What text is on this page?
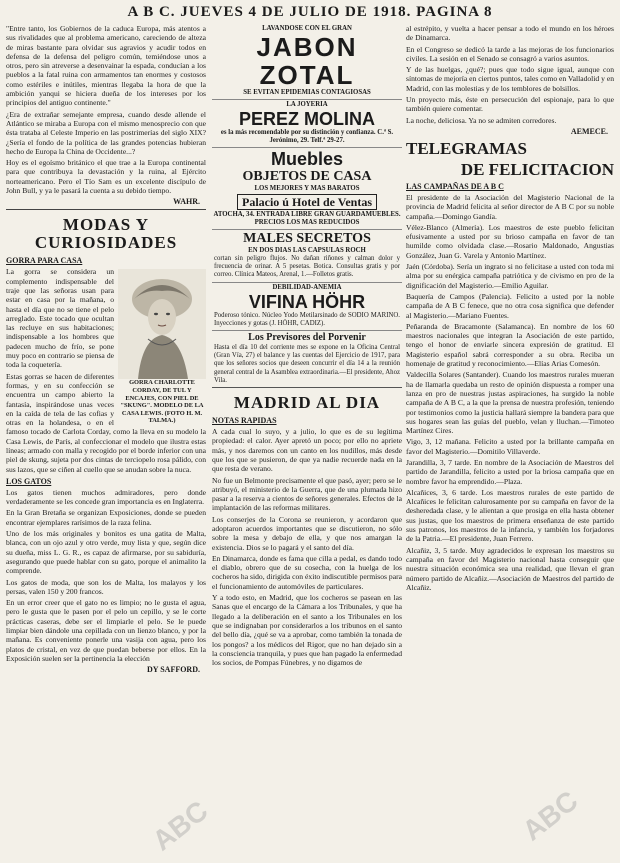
A B C. JUEVES 4 DE JULIO DE 1918. PAGINA 8

"Entre tanto, los Gobiernos de la caduca Europa, más atentos a sus rivalidades que al problema americano, careciendo de alteza de miras bastante para olvidar sus agravios y acudir todos en defensa de la defensa del peligro común, temiéndose unos a otros, pero sin atreverse a desenvainar la espada, conducían a los pueblos a la fatal ruina con armamentos tan enormes y costosos como estériles e inútiles, mientras llegaba la hora de que la ambición yanqui se hiciera dueña de los intereses por los principios del antiguo continente."

¿Era de extrañar semejante empresa, cuando desde allende el Atlántico se miraba a Europa con el mismo menosprecio con que ésta trataba al Celeste Imperio en las postrimerías del siglo XIX? ¿Sería el fondo de la política de las grandes potencias hubieran hecho de Europa la China de Occidente...?

Hoy es el egoísmo británico el que trae a la Europa continental para que contribuya la devastación y la ruina, al Ejército norteamericano. Pero el Tío Sam es un excelente discípulo de John Bull, y ya le pasará la cuenta a su debido tiempo.

WAHR.
MODAS Y CURIOSIDADES
GORRA PARA CASA
GORRA CHARLOTTE CORDAY, DE TUL Y ENCAJES, CON PIEL DE "SKUNG". MODELO DE LA CASA LEWIS. (FOTO H. M. TALMA.)

La gorra se considera un complemento indispensable del traje que las señoras usan para estar en casa por la mañana, o hasta el día que no se tiene el pelo arreglado. Este tocado que ocultan las recluye en sus habitaciones; indispensable a los hombres que padecen mucho de frío, se pone muy poco en contrario se piensa de toda la coquetería.

Estas gorras se hacen de diferentes formas, y en su confección se encuentra un campo abierto la fantasía, inspirándose unas veces en la caída de tela de las cofias y otras en la holandesa, o en el famoso tocado de Carlota Corday, como la lleva en su modelo la Casa Lewis, de París, al confeccionar el modelo que ilustra estas líneas; armado con malla y recogido por el borde inferior con una piel de skung, sujeta por dos cintas de terciopelo rosa pálido, con sus lazos, que se ciñen al cuello que se anudan sobre la nuca.

LOS GATOS

Los gatos tienen muchos admiradores, pero donde verdaderamente se les concede gran importancia es en Inglaterra.

En la Gran Bretaña se organizan Exposiciones, donde se pueden encontrar ejemplares rarísimos de la raza felina.

Uno de los más originales y bonitos es una gatita de Malta, blanca, con un ojo azul y otro verde, muy lista y que, según dice su dueña, miss L. G. R., es capaz de afirmarse, por su sabiduría, asegurando que puede hablar con su gato, porque el animalito la comprende.

Los gatos de moda, que son los de Malta, los malayos y los persas, valen 150 y 200 francos.

En un error creer que el gato no es limpio; no le gusta el agua, pero le gusta que le pasen por el pelo un cepillo, y se le corte prácticas caseras, debe ser el limpiarle el pelo. Se le puede limpiar bien dándole una cepillada con un lienzo blanco, y por la mañana. Es conveniente ponerle una vasija con agua, pero los platos de cristal, en vez de que puedan beberse por ellos. En la Exposición suelen ser la pertinencia la elección

DY SAFFORD.
LAVANDOSE CON EL GRAN
JABON ZOTAL
SE EVITAN EPIDEMIAS CONTAGIOSAS
LA JOYERIA
PEREZ MOLINA
es la más recomendable por su distinción y confianza. C.ª S. Jerónimo, 29. Telf.ª 29-27.
Muebles
OBJETOS DE CASA
LOS MEJORES Y MAS BARATOS
Palacio ú Hotel de Ventas
ATOCHA, 34. ENTRADA LIBRE GRAN GUARDAMUEBLES. PRECIOS LOS MAS REDUCIDOS
MALES SECRETOS
EN DOS DIAS LAS CAPSULAS ROCH
cortan sin peligro flujos. No dañan riñones y calman dolor y frecuencia de orinar. A 5 pesetas. Botica. Consultas gratis y por correo. Clínica Mateos, Arenal, 1.—Folletos gratis.
DEBILIDAD-ANEMIA
VIFINA HÖHR
Poderoso tónico. Núcleo Yodo Metilarsinado de SODIO MARINO. Inyecciones y gotas (J. HÖHR, CADIZ).
Los Previsores del Porvenir
Hasta el día 10 del corriente mes se expone en la Oficina Central (Gran Vía, 27) el balance y las cuentas del Ejercicio de 1917, para que los señores socios que deseen concurrir el día 14 a la reunión general central de la Asamblea extraordinaria.—El presidente, Ahoz Vila.
MADRID AL DIA
NOTAS RAPIDAS

A cada cual lo suyo, y a julio, lo que es de su legítima propiedad: el calor. Ayer apretó un poco; por ello no apriete más, y nos daremos con un canto en los nudillos, más desde que los que se pusieron, de que ya nadie recuerde nada en la que resta de verano.

No fue un Belmonte precisamente el que pasó, ayer; pero se le atribuyó, el ministerio de la Guerra, que de una plumada hizo pasar a la reserva a cientos de señores generales. Efectos de la implantación de las reformas militares.

Los conserjes de la Corona se reunieron, y acordaron que adoptaron acuerdos importantes que se discutieron, no sólo sobre la mesa y debajo de ella, y que nos amargan la existencia. Dios se lo pagará y el santo del día.

En Dinamarca, donde es fama que cilla a pedal, es dando todo el diablo, obrero que de su cosecha, con la huelga de los cocheros ha sido, dirigida con éxito indiscutible permisos para el funcionamiento de automóviles de particulares.

Y a todo esto, en Madrid, que los cocheros se pasean en las Sanas que el encargo de la Cámara a los Tribunales, y que ha llegado a la deliberación en el santo a los Tribunales en los que se indignaban por considerarlos a los tribunos en el santo del bello día, ¿qué se va a aprobar, como también la tonada de los pongos? a los médicos del Rigor, que no han dejado sin a la consciencia tranquila, y pues que han pagado la enfermedad los socios, de Pompas Fúnebres, y no digamos de

al estrépito, y vuelta a hacer pensar a todo el mundo en los héroes de Dinamarca.

En el Congreso se dedicó la tarde a las mejoras de los funcionarios civiles. La sesión en el Senado se consagró a varios asuntos.

Y de las huelgas, ¿qué?; pues que todo sigue igual, aunque con síntomas de mejoría en ciertos puntos, tales como en Valladolid y en Madrid, con las molestias y de los temblores de bolsillos.

Un proyecto más, éste en persecución del espionaje, para lo que también quiere comentar.

La noche, deliciosa. Ya no se admiten corredores.

AEMECE.
TELEGRAMAS
DE FELICITACION
LAS CAMPAÑAS DE A B C

El presidente de la Asociación del Magisterio Nacional de la provincia de Madrid felicita al señor director de A B C por su noble campaña.—Domingo Gandía.

Vélez-Blanco (Almería). Los maestros de este pueblo felicitan efusivamente a usted por su brioso campaña en favor de tan humilde como olvidada clase.—Rosario Maldonado, Angustias González, Juan G. Varela y Antonio Martínez.

Jaén (Córdoba). Sería un ingrato si no felicitase a usted con toda mi alma por su enérgica campaña patriótica y de civismo en pro de la dignificación del Magisterio.—Emilio Aguilar.

Baquería de Campos (Palencia). Felicito a usted por la noble campaña de A B C fenece, que no otra cosa significa que defender al Magisterio.—Mariano Fuentes.

Peñaranda de Bracamonte (Salamanca). En nombre de los 60 maestros nacionales que integran la Asociación de este partido, tengo el honor de enviarle sincera expresión de gratitud. El Magisterio español sabrá corresponder a su obra. Reciba un homenaje de gratitud y reconocimiento.—Elías Arias Comesón.

Valdecilla Solares (Santander). Cuando los maestros rurales mueran ha de llamarla quedaba un resto de opinión dispuesta a romper una lanza en pro de nuestras justas aspiraciones, ha surgido la noble campaña de A B C, a la que la prensa de nuestra profesión, teniendo por testimonios como la justicia hallará siempre la bandera para que sus hogares sean las guías del pueblo, velan y lluchan.—Timoteo Martínez Cires.

Vigo, 3, 12 mañana. Felicito a usted por la brillante campaña en favor del Magisterio.—Domitilo Villaverde.

Jarandilla, 3, 7 tarde. En nombre de la Asociación de Maestros del partido de Jarandilla, felicito a usted por la briosa campaña que en nombre favor ha emprendido.—Plaza.

Alcañices, 3, 6 tarde. Los maestros rurales de este partido de Alcañices le felicitan calurosamente por su campaña en favor de la desheredada clase, y le alientan a que prosiga en ella hasta obtener sus justas, que los maestros de primera enseñanza de este partido sus patronos, los maestros de la infancia, y también los forjadores de la Patria.—El presidente, Juan Ferrero.

Alcañiz, 3, 5 tarde. Muy agradecidos le expresan los maestros su campaña en favor del Magisterio nacional hasta conseguir que nuestra situación económica sea una realidad, que llevan el gran número partido de Alcañiz.—Asociación de Maestros del partido de Alcañiz.

ABC	ABC
